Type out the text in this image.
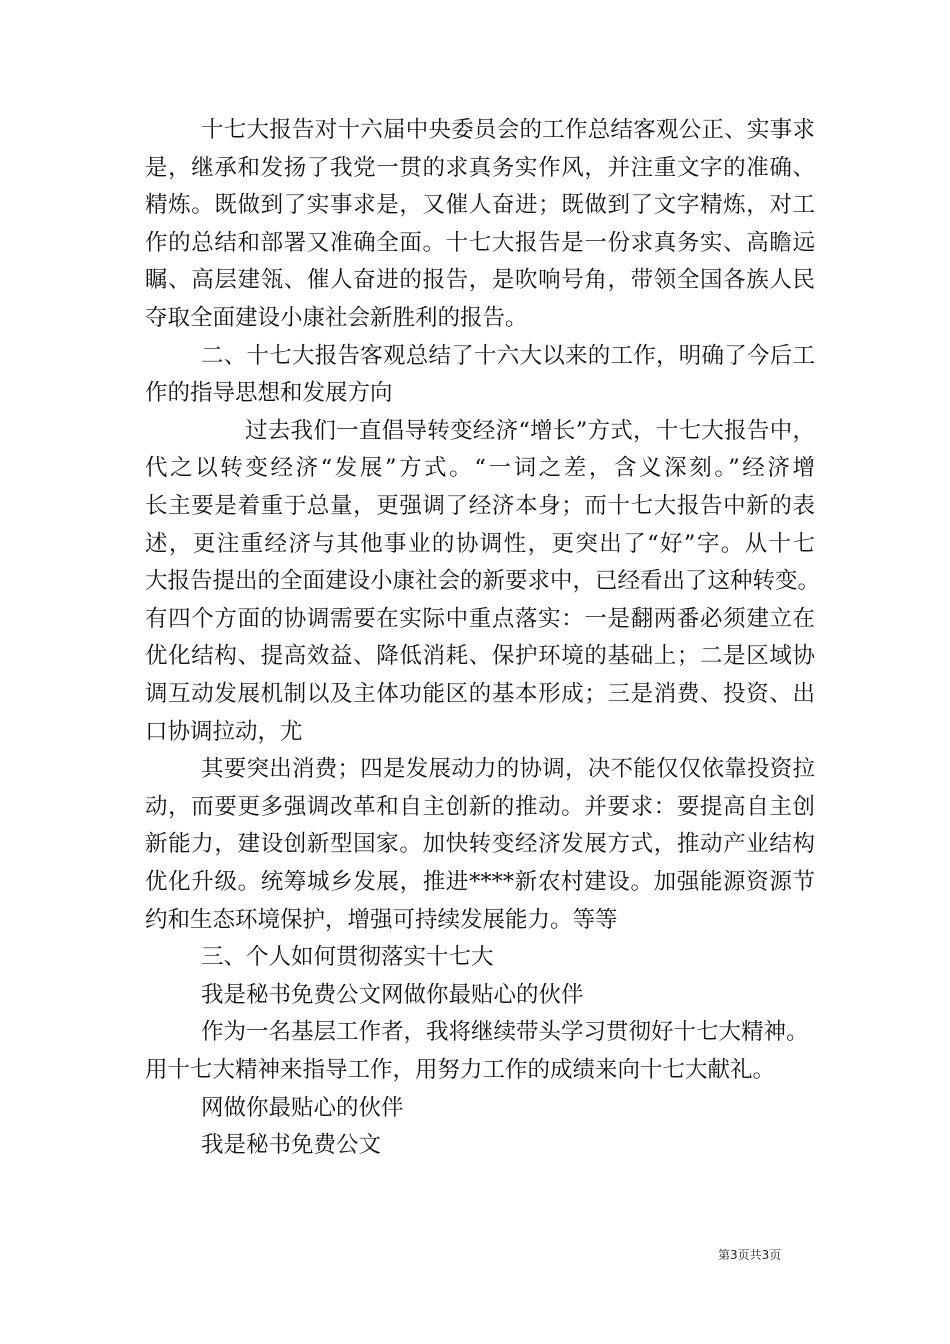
十七大报告对十六届中央委员会的工作总结客观公正、实事求
是，继承和发扬了我党一贯的求真务实作风，并注重文字的准确、
精炼。既做到了实事求是，又催人奋进；既做到了文字精炼，对工
作的总结和部署又准确全面。十七大报告是一份求真务实、高瞻远
瞩、高层建瓴、催人奋进的报告，是吹响号角，带领全国各族人民
夺取全面建设小康社会新胜利的报告。
二、十七大报告客观总结了十六大以来的工作，明确了今后工
作的指导思想和发展方向
过去我们一直倡导转变经济“增长”方式，十七大报告中，
代之以转变经济“发展”方式。“一词之差，含义深刻。”经济增
长主要是着重于总量，更强调了经济本身；而十七大报告中新的表
述，更注重经济与其他事业的协调性，更突出了“好”字。从十七
大报告提出的全面建设小康社会的新要求中，已经看出了这种转变。
有四个方面的协调需要在实际中重点落实：一是翻两番必须建立在
优化结构、提高效益、降低消耗、保护环境的基础上；二是区域协
调互动发展机制以及主体功能区的基本形成；三是消费、投资、出
口协调拉动，尤
其要突出消费；四是发展动力的协调，决不能仅仅依靠投资拉
动，而要更多强调改革和自主创新的推动。并要求：要提高自主创
新能力，建设创新型国家。加快转变经济发展方式，推动产业结构
优化升级。统筹城乡发展，推进****新农村建设。加强能源资源节
约和生态环境保护，增强可持续发展能力。等等
三、个人如何贯彻落实十七大
我是秘书免费公文网做你最贴心的伙伴
作为一名基层工作者，我将继续带头学习贯彻好十七大精神。
用十七大精神来指导工作，用努力工作的成绩来向十七大献礼。
网做你最贴心的伙伴
我是秘书免费公文
第3页共3页
